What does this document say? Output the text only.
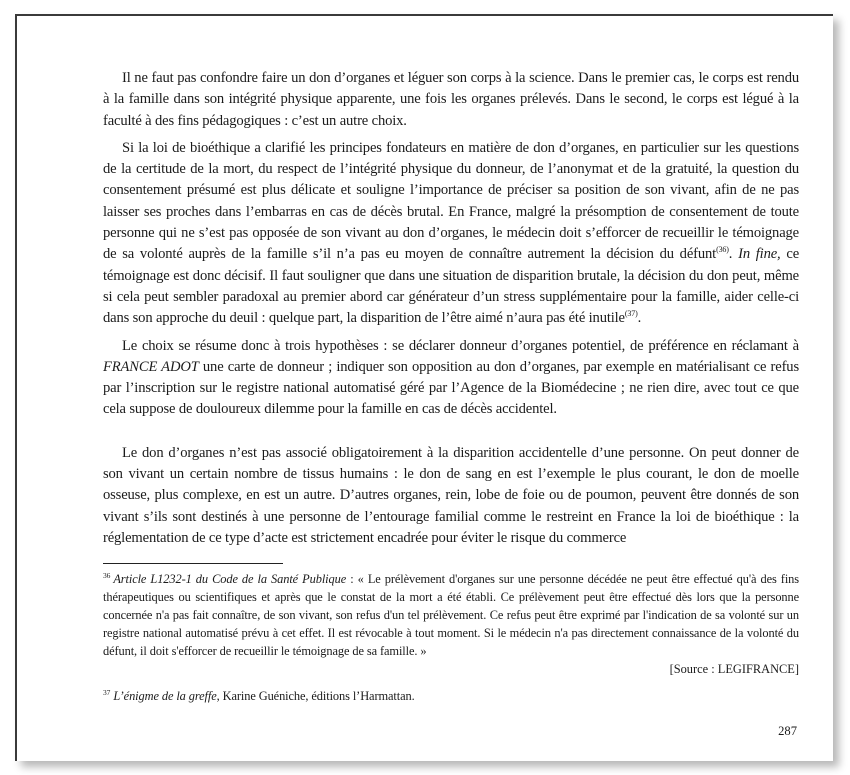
Il ne faut pas confondre faire un don d’organes et léguer son corps à la science. Dans le premier cas, le corps est rendu à la famille dans son intégrité physique apparente, une fois les organes prélevés. Dans le second, le corps est légué à la faculté à des fins pédagogiques : c’est un autre choix.

Si la loi de bioéthique a clarifié les principes fondateurs en matière de don d’organes, en particulier sur les questions de la certitude de la mort, du respect de l’intégrité physique du donneur, de l’anonymat et de la gratuité, la question du consentement présumé est plus délicate et souligne l’importance de préciser sa position de son vivant, afin de ne pas laisser ses proches dans l’embarras en cas de décès brutal. En France, malgré la présomption de consentement de toute personne qui ne s’est pas opposée de son vivant au don d’organes, le médecin doit s’efforcer de recueillir le témoignage de sa volonté auprès de la famille s’il n’a pas eu moyen de connaître autrement la décision du défunt$^{(36)}$. In fine, ce témoignage est donc décisif. Il faut souligner que dans une situation de disparition brutale, la décision du don peut, même si cela peut sembler paradoxal au premier abord car générateur d’un stress supplémentaire pour la famille, aider celle-ci dans son approche du deuil : quelque part, la disparition de l’être aimé n’aura pas été inutile$^{(37)}$.

Le choix se résume donc à trois hypothèses : se déclarer donneur d’organes potentiel, de préférence en réclamant à FRANCE ADOT une carte de donneur ; indiquer son opposition au don d’organes, par exemple en matérialisant ce refus par l’inscription sur le registre national automatisé géré par l’Agence de la Biomédecine ; ne rien dire, avec tout ce que cela suppose de douloureux dilemme pour la famille en cas de décès accidentel.

Le don d’organes n’est pas associé obligatoirement à la disparition accidentelle d’une personne. On peut donner de son vivant un certain nombre de tissus humains : le don de sang en est l’exemple le plus courant, le don de moelle osseuse, plus complexe, en est un autre. D’autres organes, rein, lobe de foie ou de poumon, peuvent être donnés de son vivant s’ils sont destinés à une personne de l’entourage familial comme le restreint en France la loi de bioéthique : la réglementation de ce type d’acte est strictement encadrée pour éviter le risque du commerce

$^{36}$ Article L1232-1 du Code de la Santé Publique : « Le prélèvement d'organes sur une personne décédée ne peut être effectué qu'à des fins thérapeutiques ou scientifiques et après que le constat de la mort a été établi. Ce prélèvement peut être effectué dès lors que la personne concernée n'a pas fait connaître, de son vivant, son refus d'un tel prélèvement. Ce refus peut être exprimé par l'indication de sa volonté sur un registre national automatisé prévu à cet effet. Il est révocable à tout moment. Si le médecin n'a pas directement connaissance de la volonté du défunt, il doit s'efforcer de recueillir le témoignage de sa famille. »

[Source : LEGIFRANCE]

$^{37}$ L’énigme de la greffe, Karine Guéniche, éditions l’Harmattan.

287
